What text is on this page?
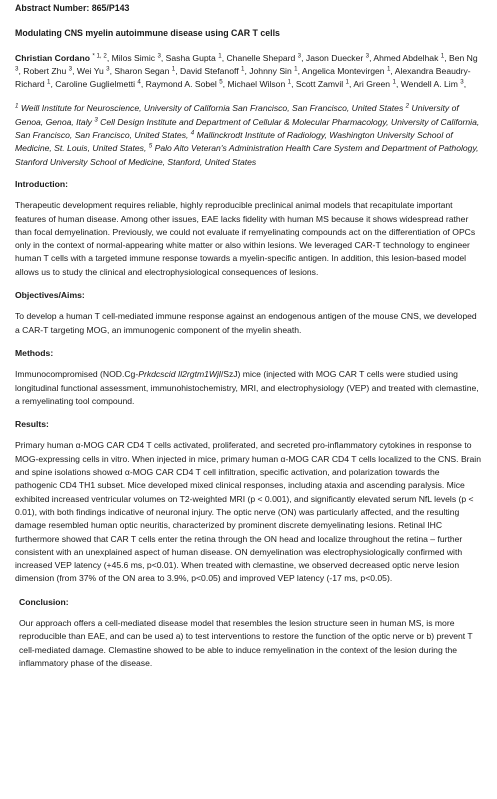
Abstract Number: 865/P143
Modulating CNS myelin autoimmune disease using CAR T cells
Christian Cordano $^{* 1, 2}$, Milos Simic $^3$, Sasha Gupta $^1$, Chanelle Shepard $^3$, Jason Duecker $^3$, Ahmed Abdelhak $^1$, Ben Ng $^3$, Robert Zhu $^3$, Wei Yu $^3$, Sharon Segan $^1$, David Stefanoff $^1$, Johnny Sin $^1$, Angelica Montevirgen $^1$, Alexandra Beaudry-Richard $^1$, Caroline Guglielmetti $^4$, Raymond A. Sobel $^5$, Michael Wilson $^1$, Scott Zamvil $^1$, Ari Green $^1$, Wendell A. Lim $^3$,
$^1$ Weill Institute for Neuroscience, University of California San Francisco, San Francisco, United States $^2$ University of Genoa, Genoa, Italy $^3$ Cell Design Institute and Department of Cellular & Molecular Pharmacology, University of California, San Francisco, San Francisco, United States, $^4$ Mallinckrodt Institute of Radiology, Washington University School of Medicine, St. Louis, United States, $^5$ Palo Alto Veteran's Administration Health Care System and Department of Pathology, Stanford University School of Medicine, Stanford, United States
Introduction:
Therapeutic development requires reliable, highly reproducible preclinical animal models that recapitulate important features of human disease. Among other issues, EAE lacks fidelity with human MS because it shows widespread rather than focal demyelination. Previously, we could not evaluate if remyelinating compounds act on the differentiation of OPCs only in the context of normal-appearing white matter or also within lesions. We leveraged CAR-T technology to engineer human T cells with a targeted immune response towards a myelin-specific antigen. In addition, this lesion-based model allows us to study the clinical and electrophysiological consequences of lesions.
Objectives/Aims:
To develop a human T cell-mediated immune response against an endogenous antigen of the mouse CNS, we developed a CAR-T targeting MOG, an immunogenic component of the myelin sheath.
Methods:
Immunocompromised (NOD.Cg-Prkdcscid Il2rgtm1Wjl/SzJ) mice (injected with MOG CAR T cells were studied using longitudinal functional assessment, immunohistochemistry, MRI, and electrophysiology (VEP) and treated with clemastine, a remyelinating tool compound.
Results:
Primary human α-MOG CAR CD4 T cells activated, proliferated, and secreted pro-inflammatory cytokines in response to MOG-expressing cells in vitro. When injected in mice, primary human α-MOG CAR CD4 T cells localized to the CNS. Brain and spine isolations showed α-MOG CAR CD4 T cell infiltration, specific activation, and polarization towards the pathogenic CD4 TH1 subset. Mice developed mixed clinical responses, including ataxia and ascending paralysis. Mice exhibited increased ventricular volumes on T2-weighted MRI (p < 0.001), and significantly elevated serum NfL levels (p < 0.01), with both findings indicative of neuronal injury. The optic nerve (ON) was particularly affected, and the resulting damage resembled human optic neuritis, characterized by prominent discrete demyelinating lesions. Retinal IHC furthermore showed that CAR T cells enter the retina through the ON head and localize throughout the retina – further consistent with an unexplained aspect of human disease. ON demyelination was electrophysiologically confirmed with increased VEP latency (+45.6 ms, p<0.01). When treated with clemastine, we observed decreased optic nerve lesion dimension (from 37% of the ON area to 3.9%, p<0.05) and improved VEP latency (-17 ms, p<0.05).
Conclusion:
Our approach offers a cell-mediated disease model that resembles the lesion structure seen in human MS, is more reproducible than EAE, and can be used a) to test interventions to restore the function of the optic nerve or b) prevent T cell-mediated damage. Clemastine showed to be able to induce remyelination in the context of the lesion during the inflammatory phase of the disease.
